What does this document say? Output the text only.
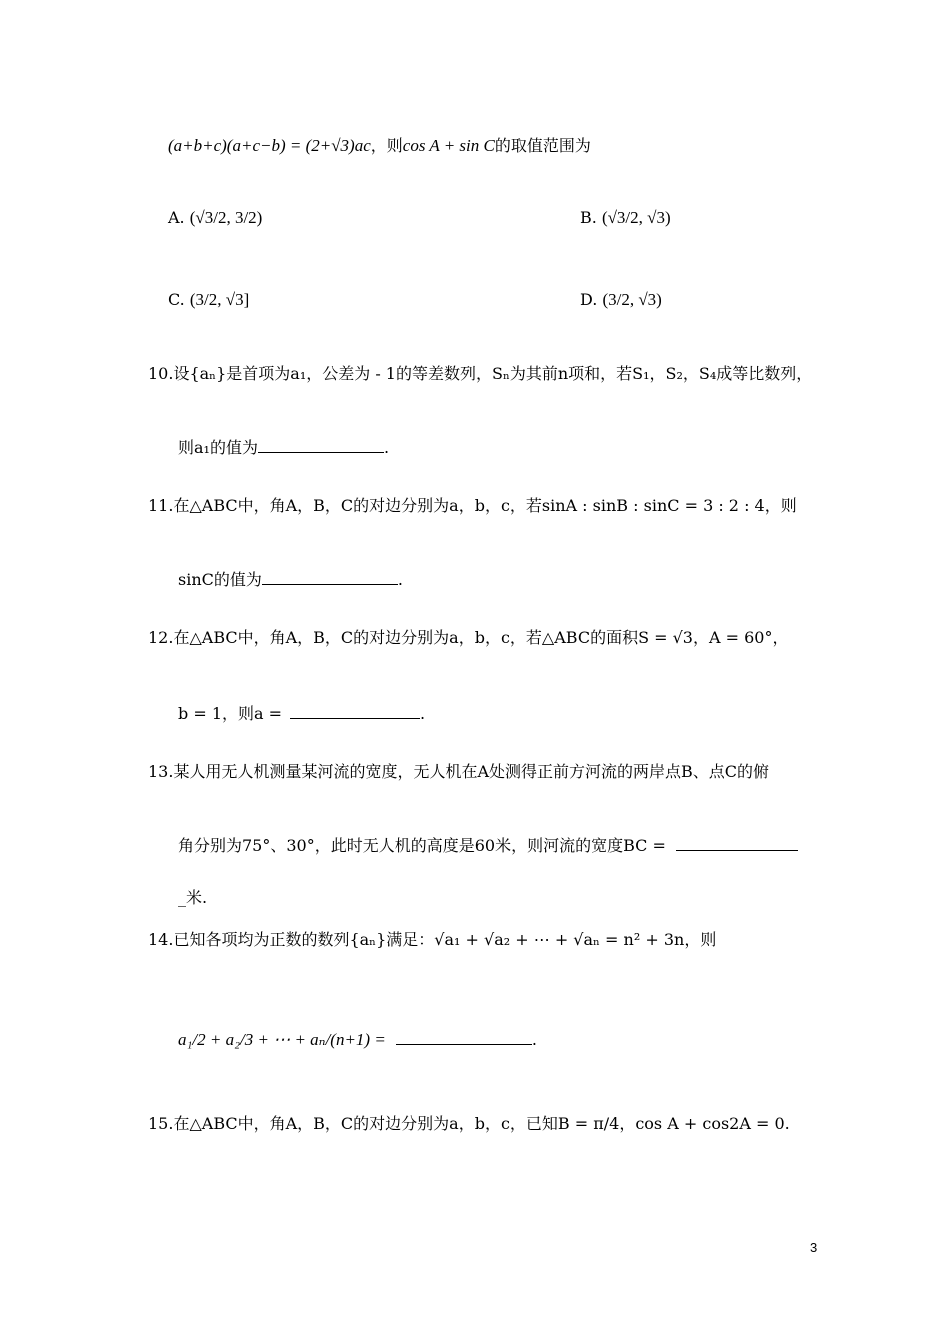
(a+b+c)(a+c−b) = (2+√3)ac，则cos A + sin C的取值范围为
A. (√3/2, 3/2)	B. (√3/2, √3)
C. (3/2, √3]	D. (3/2, √3)
10.设{aₙ}是首项为a₁，公差为 - 1的等差数列，Sₙ为其前n项和，若S₁，S₂，S₄成等比数列，
则a₁的值为	.
11.在△ABC中，角A，B，C的对边分别为a，b，c，若sinA : sinB : sinC = 3 : 2 : 4，则
sinC的值为	.
12.在△ABC中，角A，B，C的对边分别为a，b，c，若△ABC的面积S = √3，A = 60°，
b = 1，则a =	.
13.某人用无人机测量某河流的宽度，无人机在A处测得正前方河流的两岸点B、点C的俯
角分别为75°、30°，此时无人机的高度是60米，则河流的宽度BC =
_米.
14.已知各项均为正数的数列{aₙ}满足：√a₁ + √a₂ + ⋯ + √aₙ = n² + 3n，则
a₁/2 + a₂/3 + ⋯ + aₙ/(n+1) =	.
15.在△ABC中，角A，B，C的对边分别为a，b，c，已知B = π/4，cos A + cos2A = 0.
3
